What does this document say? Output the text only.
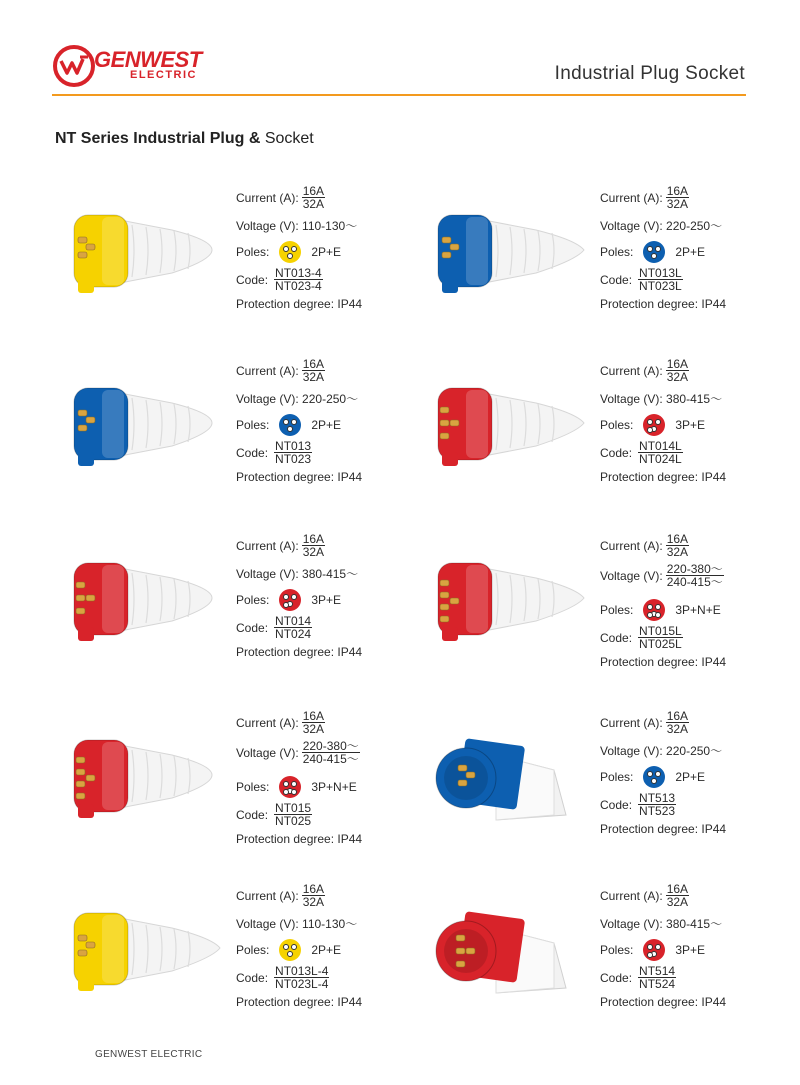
GENWEST
ELECTRIC	Industrial Plug Socket
NT Series Industrial Plug & Socket
Current (A): $\frac{16A}{32A}$
Voltage (V):
110-130～
Poles:	2P+E
Code: $\frac{NT013-4}{NT023-4}$
Protection degree: IP44
Current (A): $\frac{16A}{32A}$
Voltage (V):
220-250～
Poles:	2P+E
Code: $\frac{NT013L}{NT023L}$
Protection degree: IP44
Current (A): $\frac{16A}{32A}$
Voltage (V):
220-250～
Poles:	2P+E
Code: $\frac{NT013}{NT023}$
Protection degree: IP44
Current (A): $\frac{16A}{32A}$
Voltage (V):
380-415～
Poles:	3P+E
Code: $\frac{NT014L}{NT024L}$
Protection degree: IP44
Current (A): $\frac{16A}{32A}$
Voltage (V):
380-415～
Poles:	3P+E
Code: $\frac{NT014}{NT024}$
Protection degree: IP44
Current (A): $\frac{16A}{32A}$
Voltage (V): $\frac{220-380\sim}{240-415\sim}$
Poles:	3P+N+E
Code: $\frac{NT015L}{NT025L}$
Protection degree: IP44
Current (A): $\frac{16A}{32A}$
Voltage (V): $\frac{220-380\sim}{240-415\sim}$
Poles:	3P+N+E
Code: $\frac{NT015}{NT025}$
Protection degree: IP44
Current (A): $\frac{16A}{32A}$
Voltage (V):
220-250～
Poles:	2P+E
Code: $\frac{NT513}{NT523}$
Protection degree: IP44
Current (A): $\frac{16A}{32A}$
Voltage (V):
110-130～
Poles:	2P+E
Code: $\frac{NT013L-4}{NT023L-4}$
Protection degree: IP44
Current (A): $\frac{16A}{32A}$
Voltage (V):
380-415～
Poles:	3P+E
Code: $\frac{NT514}{NT524}$
Protection degree: IP44
GENWEST ELECTRIC
